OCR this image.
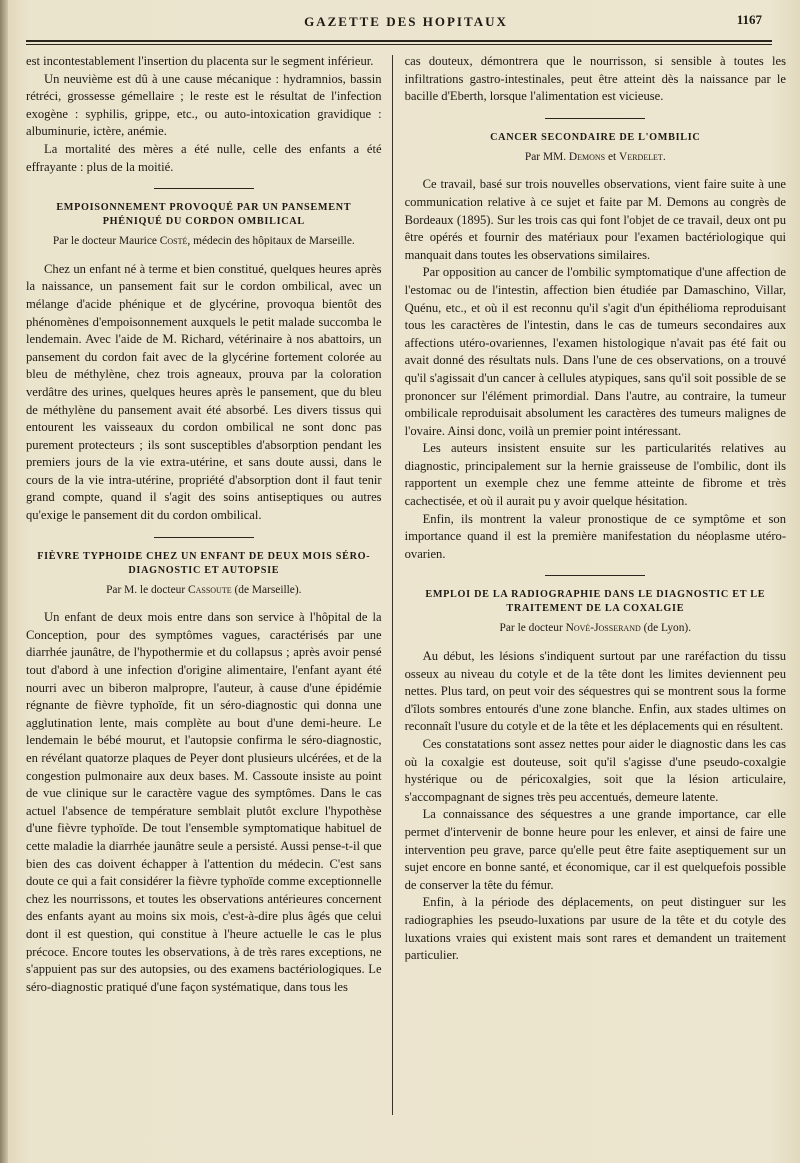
GAZETTE DES HOPITAUX	1167

est incontestablement l'insertion du placenta sur le segment inférieur.

Un neuvième est dû à une cause mécanique : hydramnios, bassin rétréci, grossesse gémellaire ; le reste est le résultat de l'infection exogène : syphilis, grippe, etc., ou auto-intoxication gravidique : albuminurie, ictère, anémie.

La mortalité des mères a été nulle, celle des enfants a été effrayante : plus de la moitié.

EMPOISONNEMENT PROVOQUÉ PAR UN PANSEMENT PHÉNIQUÉ DU CORDON OMBILICAL
Par le docteur Maurice Costé, médecin des hôpitaux de Marseille.

Chez un enfant né à terme et bien constitué, quelques heures après la naissance, un pansement fait sur le cordon ombilical, avec un mélange d'acide phénique et de glycérine, provoqua bientôt des phénomènes d'empoisonnement auxquels le petit malade succomba le lendemain. Avec l'aide de M. Richard, vétérinaire à nos abattoirs, un pansement du cordon fait avec de la glycérine fortement colorée au bleu de méthylène, chez trois agneaux, prouva par la coloration verdâtre des urines, quelques heures après le pansement, que du bleu de méthylène du pansement avait été absorbé. Les divers tissus qui entourent les vaisseaux du cordon ombilical ne sont donc pas purement protecteurs ; ils sont susceptibles d'absorption pendant les premiers jours de la vie extra-utérine, et sans doute aussi, dans le cours de la vie intra-utérine, propriété d'absorption dont il faut tenir grand compte, quand il s'agit des soins antiseptiques ou autres qu'exige le pansement dit du cordon ombilical.

FIÈVRE TYPHOIDE CHEZ UN ENFANT DE DEUX MOIS SÉRO-DIAGNOSTIC ET AUTOPSIE
Par M. le docteur Cassoute (de Marseille).

Un enfant de deux mois entre dans son service à l'hôpital de la Conception, pour des symptômes vagues, caractérisés par une diarrhée jaunâtre, de l'hypothermie et du collapsus ; après avoir pensé tout d'abord à une infection d'origine alimentaire, l'enfant ayant été nourri avec un biberon malpropre, l'auteur, à cause d'une épidémie régnante de fièvre typhoïde, fit un séro-diagnostic qui donna une agglutination lente, mais complète au bout d'une demi-heure. Le lendemain le bébé mourut, et l'autopsie confirma le séro-diagnostic, en révélant quatorze plaques de Peyer dont plusieurs ulcérées, et de la congestion pulmonaire aux deux bases. M. Cassoute insiste au point de vue clinique sur le caractère vague des symptômes. Dans le cas actuel l'absence de température semblait plutôt exclure l'hypothèse d'une fièvre typhoïde. De tout l'ensemble symptomatique habituel de cette maladie la diarrhée jaunâtre seule a persisté. Aussi pense-t-il que bien des cas doivent échapper à l'attention du médecin. C'est sans doute ce qui a fait considérer la fièvre typhoïde comme exceptionnelle chez les nourrissons, et toutes les observations antérieures concernent des enfants ayant au moins six mois, c'est-à-dire plus âgés que celui dont il est question, qui constitue à l'heure actuelle le cas le plus précoce. Encore toutes les observations, à de très rares exceptions, ne s'appuient pas sur des autopsies, ou des examens bactériologiques. Le séro-diagnostic pratiqué d'une façon systématique, dans tous les

cas douteux, démontrera que le nourrisson, si sensible à toutes les infiltrations gastro-intestinales, peut être atteint dès la naissance par le bacille d'Eberth, lorsque l'alimentation est vicieuse.

CANCER SECONDAIRE DE L'OMBILIC
Par MM. Demons et Verdelet.

Ce travail, basé sur trois nouvelles observations, vient faire suite à une communication relative à ce sujet et faite par M. Demons au congrès de Bordeaux (1895). Sur les trois cas qui font l'objet de ce travail, deux ont pu être opérés et fournir des matériaux pour l'examen bactériologique qui manquait dans toutes les observations similaires.

Par opposition au cancer de l'ombilic symptomatique d'une affection de l'estomac ou de l'intestin, affection bien étudiée par Damaschino, Villar, Quénu, etc., et où il est reconnu qu'il s'agit d'un épithélioma reproduisant tous les caractères de l'intestin, dans le cas de tumeurs secondaires aux affections utéro-ovariennes, l'examen histologique n'avait pas été fait ou avait donné des résultats nuls. Dans l'une de ces observations, on a trouvé qu'il s'agissait d'un cancer à cellules atypiques, sans qu'il soit possible de se prononcer sur l'élément primordial. Dans l'autre, au contraire, la tumeur ombilicale reproduisait absolument les caractères des tumeurs malignes de l'ovaire. Ainsi donc, voilà un premier point intéressant.

Les auteurs insistent ensuite sur les particularités relatives au diagnostic, principalement sur la hernie graisseuse de l'ombilic, dont ils rapportent un exemple chez une femme atteinte de fibrome et très cachectisée, et où il aurait pu y avoir quelque hésitation.

Enfin, ils montrent la valeur pronostique de ce symptôme et son importance quand il est la première manifestation du néoplasme utéro-ovarien.

EMPLOI DE LA RADIOGRAPHIE DANS LE DIAGNOSTIC ET LE TRAITEMENT DE LA COXALGIE
Par le docteur Nové-Josserand (de Lyon).

Au début, les lésions s'indiquent surtout par une raréfaction du tissu osseux au niveau du cotyle et de la tête dont les limites deviennent peu nettes. Plus tard, on peut voir des séquestres qui se montrent sous la forme d'îlots sombres entourés d'une zone blanche. Enfin, aux stades ultimes on reconnaît l'usure du cotyle et de la tête et les déplacements qui en résultent.

Ces constatations sont assez nettes pour aider le diagnostic dans les cas où la coxalgie est douteuse, soit qu'il s'agisse d'une pseudo-coxalgie hystérique ou de péricoxalgies, soit que la lésion articulaire, s'accompagnant de signes très peu accentués, demeure latente.

La connaissance des séquestres a une grande importance, car elle permet d'intervenir de bonne heure pour les enlever, et ainsi de faire une intervention peu grave, parce qu'elle peut être faite aseptiquement sur un sujet encore en bonne santé, et économique, car il est quelquefois possible de conserver la tête du fémur.

Enfin, à la période des déplacements, on peut distinguer sur les radiographies les pseudo-luxations par usure de la tête et du cotyle des luxations vraies qui existent mais sont rares et demandent un traitement particulier.
